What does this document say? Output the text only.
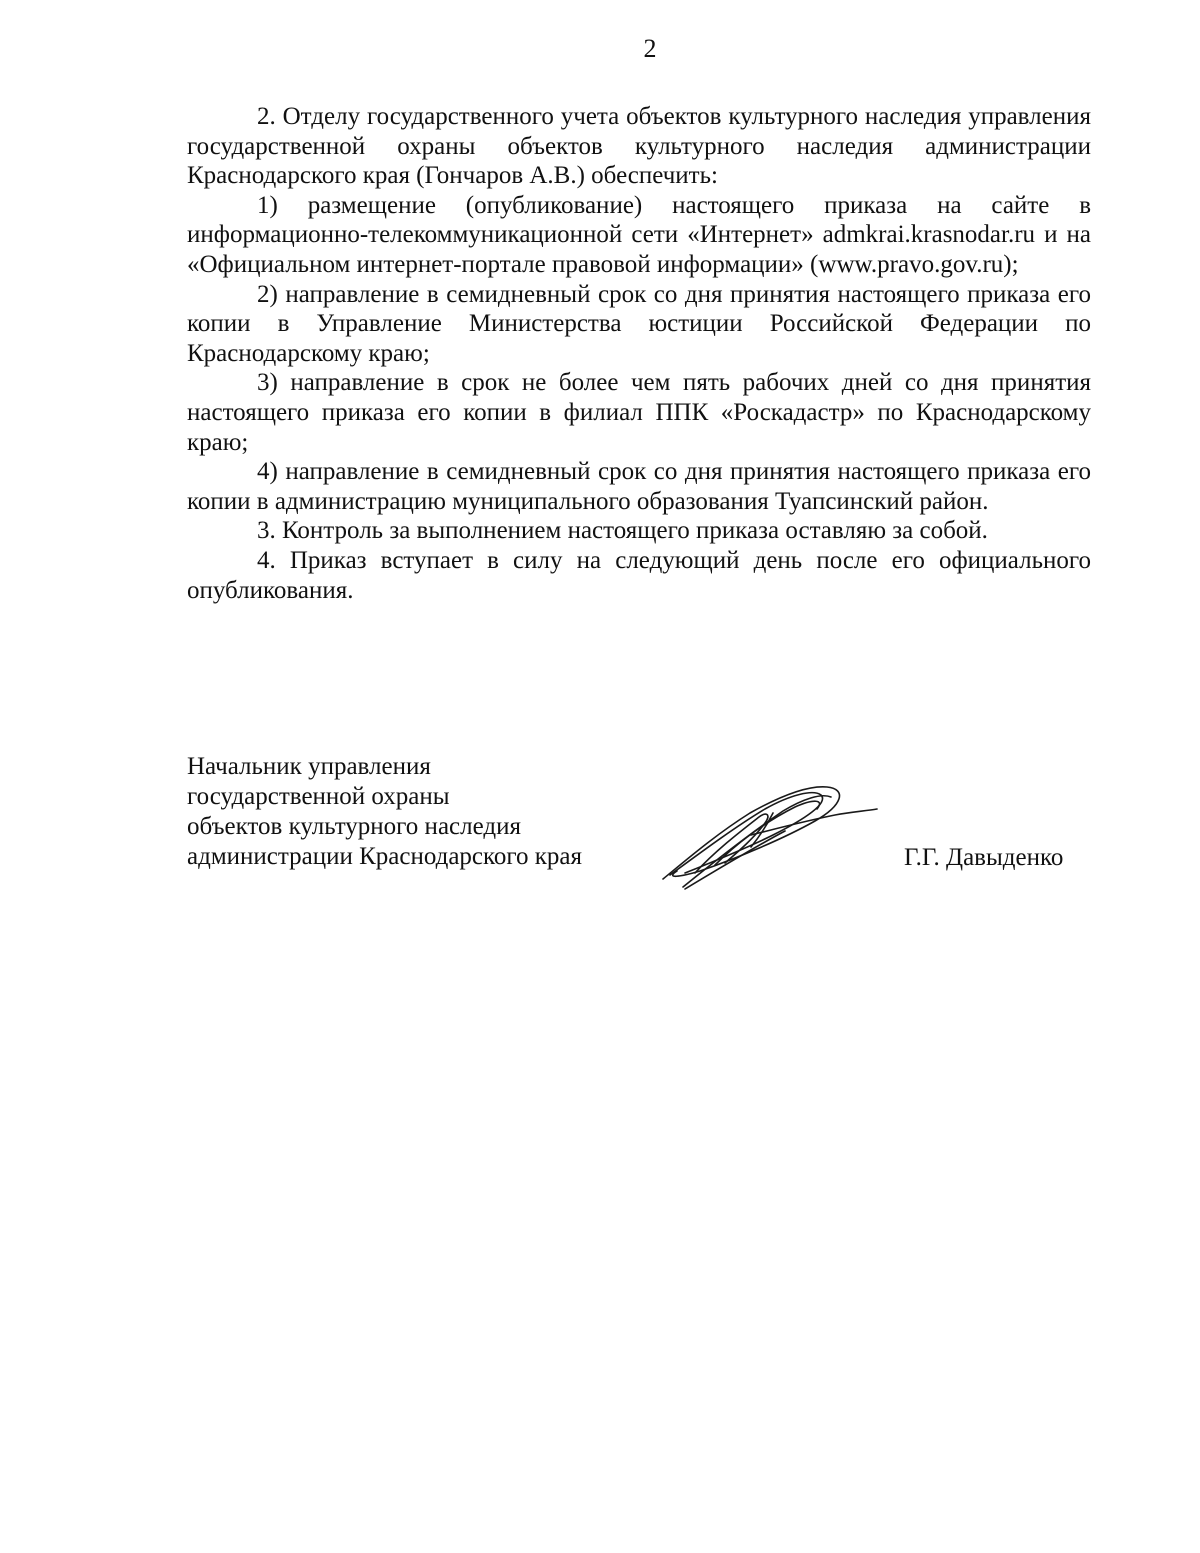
2

2. Отделу государственного учета объектов культурного наследия управления государственной охраны объектов культурного наследия администрации Краснодарского края (Гончаров А.В.) обеспечить:

1) размещение (опубликование) настоящего приказа на сайте в информационно-телекоммуникационной сети «Интернет» admkrai.krasnodar.ru и на «Официальном интернет-портале правовой информации» (www.pravo.gov.ru);

2) направление в семидневный срок со дня принятия настоящего приказа его копии в Управление Министерства юстиции Российской Федерации по Краснодарскому краю;

3) направление в срок не более чем пять рабочих дней со дня принятия настоящего приказа его копии в филиал ППК «Роскадастр» по Краснодарскому краю;

4) направление в семидневный срок со дня принятия настоящего приказа его копии в администрацию муниципального образования Туапсинский район.

3. Контроль за выполнением настоящего приказа оставляю за собой.

4. Приказ вступает в силу на следующий день после его официального опубликования.

Начальник управления
государственной охраны
объектов культурного наследия
администрации Краснодарского края	Г.Г. Давыденко
